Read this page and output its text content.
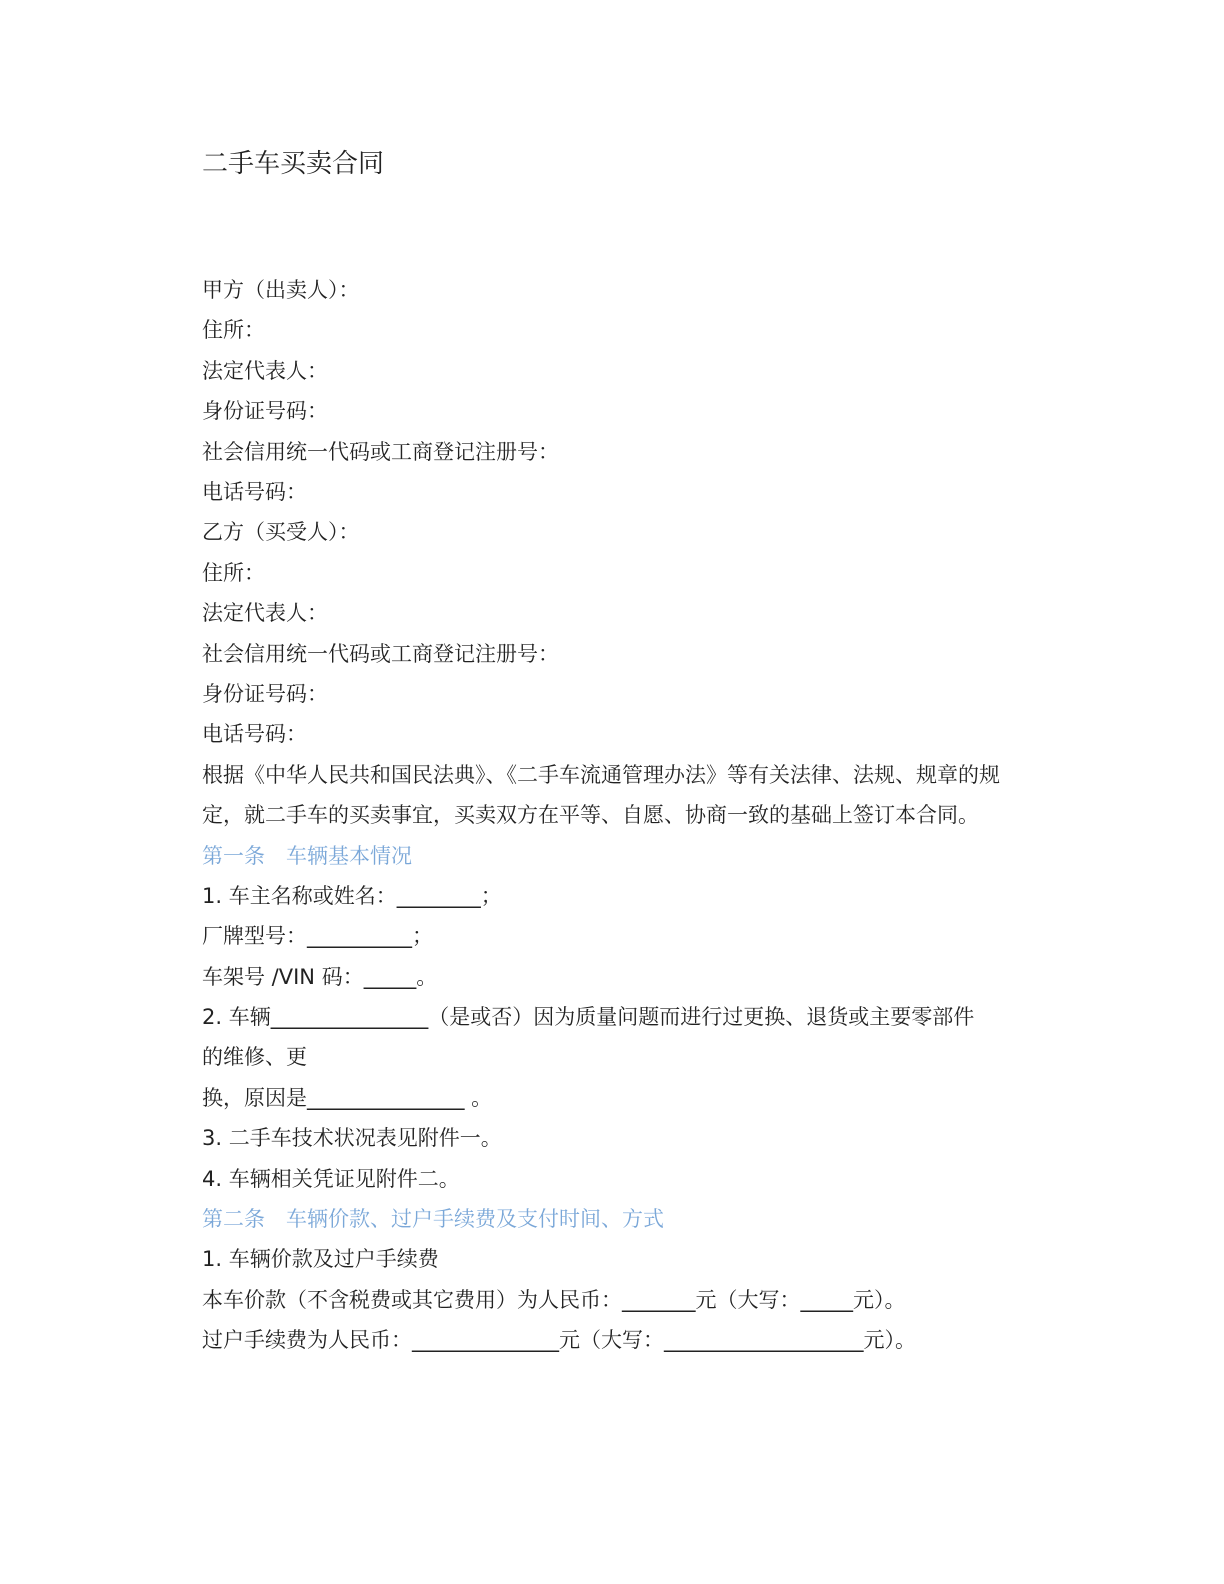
二手车买卖合同

甲方（出卖人）：

住所：

法定代表人：

身份证号码：

社会信用统一代码或工商登记注册号：

电话号码：

乙方（买受人）：

住所：

法定代表人：

社会信用统一代码或工商登记注册号：

身份证号码：

电话号码：

根据《中华人民共和国民法典》、《二手车流通管理办法》等有关法律、法规、规章的规定，就二手车的买卖事宜，买卖双方在平等、自愿、协商一致的基础上签订本合同。

第一条　车辆基本情况

1. 车主名称或姓名：________；

厂牌型号：__________；

车架号 /VIN 码：_____。

2. 车辆_______________（是或否）因为质量问题而进行过更换、退货或主要零部件

的维修、更

换，原因是_______________ 。

3. 二手车技术状况表见附件一。

4. 车辆相关凭证见附件二。

第二条　车辆价款、过户手续费及支付时间、方式

1. 车辆价款及过户手续费

本车价款（不含税费或其它费用）为人民币：_______元（大写：_____元）。

过户手续费为人民币：______________元（大写：___________________元）。
